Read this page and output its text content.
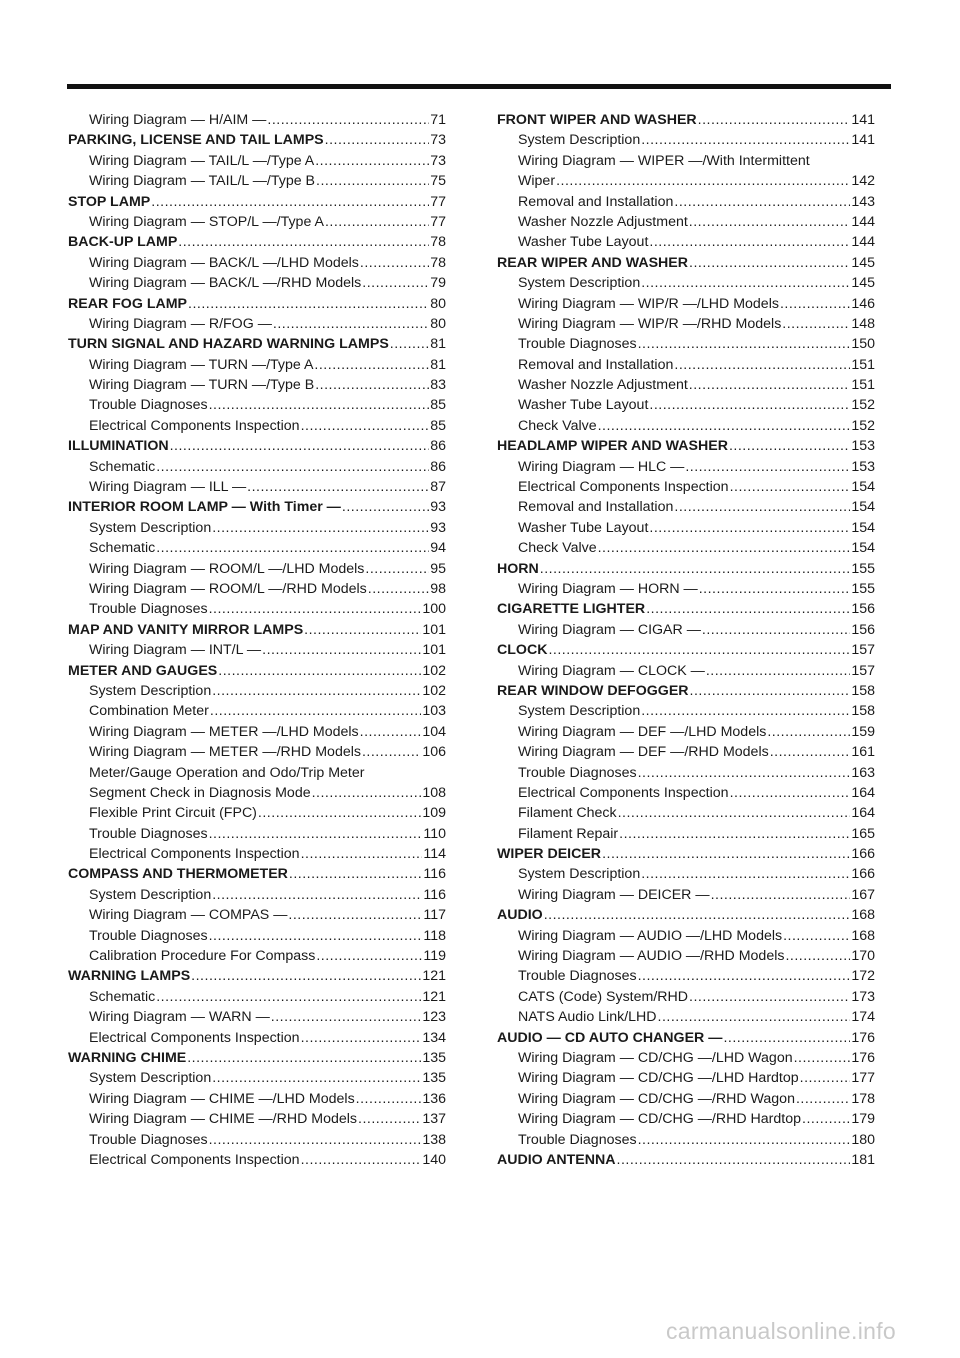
Wiring Diagram — H/AIM — .....	71
PARKING, LICENSE AND TAIL LAMPS .....	73
Wiring Diagram — TAIL/L —/Type A .....	73
Wiring Diagram — TAIL/L —/Type B .....	75
STOP LAMP .....	77
Wiring Diagram — STOP/L —/Type A .....	77
BACK-UP LAMP .....	78
Wiring Diagram — BACK/L —/LHD Models .....	78
Wiring Diagram — BACK/L —/RHD Models .....	79
REAR FOG LAMP .....	80
Wiring Diagram — R/FOG — .....	80
TURN SIGNAL AND HAZARD WARNING LAMPS .....	81
Wiring Diagram — TURN —/Type A .....	81
Wiring Diagram — TURN —/Type B .....	83
Trouble Diagnoses .....	85
Electrical Components Inspection .....	85
ILLUMINATION .....	86
Schematic .....	86
Wiring Diagram — ILL — .....	87
INTERIOR ROOM LAMP — With Timer — .....	93
System Description .....	93
Schematic .....	94
Wiring Diagram — ROOM/L —/LHD Models .....	95
Wiring Diagram — ROOM/L —/RHD Models .....	98
Trouble Diagnoses .....	100
MAP AND VANITY MIRROR LAMPS .....	101
Wiring Diagram — INT/L — .....	101
METER AND GAUGES .....	102
System Description .....	102
Combination Meter .....	103
Wiring Diagram — METER —/LHD Models .....	104
Wiring Diagram — METER —/RHD Models .....	106
Meter/Gauge Operation and Odo/Trip Meter
Segment Check in Diagnosis Mode .....	108
Flexible Print Circuit (FPC) .....	109
Trouble Diagnoses .....	110
Electrical Components Inspection .....	114
COMPASS AND THERMOMETER .....	116
System Description .....	116
Wiring Diagram — COMPAS — .....	117
Trouble Diagnoses .....	118
Calibration Procedure For Compass .....	119
WARNING LAMPS .....	121
Schematic .....	121
Wiring Diagram — WARN — .....	123
Electrical Components Inspection .....	134
WARNING CHIME .....	135
System Description .....	135
Wiring Diagram — CHIME —/LHD Models .....	136
Wiring Diagram — CHIME —/RHD Models .....	137
Trouble Diagnoses .....	138
Electrical Components Inspection .....	140
FRONT WIPER AND WASHER .....	141
System Description .....	141
Wiring Diagram — WIPER —/With Intermittent
Wiper .....	142
Removal and Installation .....	143
Washer Nozzle Adjustment .....	144
Washer Tube Layout .....	144
REAR WIPER AND WASHER .....	145
System Description .....	145
Wiring Diagram — WIP/R —/LHD Models .....	146
Wiring Diagram — WIP/R —/RHD Models .....	148
Trouble Diagnoses .....	150
Removal and Installation .....	151
Washer Nozzle Adjustment .....	151
Washer Tube Layout .....	152
Check Valve .....	152
HEADLAMP WIPER AND WASHER .....	153
Wiring Diagram — HLC — .....	153
Electrical Components Inspection .....	154
Removal and Installation .....	154
Washer Tube Layout .....	154
Check Valve .....	154
HORN .....	155
Wiring Diagram — HORN — .....	155
CIGARETTE LIGHTER .....	156
Wiring Diagram — CIGAR — .....	156
CLOCK .....	157
Wiring Diagram — CLOCK — .....	157
REAR WINDOW DEFOGGER .....	158
System Description .....	158
Wiring Diagram — DEF —/LHD Models .....	159
Wiring Diagram — DEF —/RHD Models .....	161
Trouble Diagnoses .....	163
Electrical Components Inspection .....	164
Filament Check .....	164
Filament Repair .....	165
WIPER DEICER .....	166
System Description .....	166
Wiring Diagram — DEICER — .....	167
AUDIO .....	168
Wiring Diagram — AUDIO —/LHD Models .....	168
Wiring Diagram — AUDIO —/RHD Models .....	170
Trouble Diagnoses .....	172
CATS (Code) System/RHD .....	173
NATS Audio Link/LHD .....	174
AUDIO — CD AUTO CHANGER — .....	176
Wiring Diagram — CD/CHG —/LHD Wagon .....	176
Wiring Diagram — CD/CHG —/LHD Hardtop .....	177
Wiring Diagram — CD/CHG —/RHD Wagon .....	178
Wiring Diagram — CD/CHG —/RHD Hardtop .....	179
Trouble Diagnoses .....	180
AUDIO ANTENNA .....	181
carmanualsonline.info
